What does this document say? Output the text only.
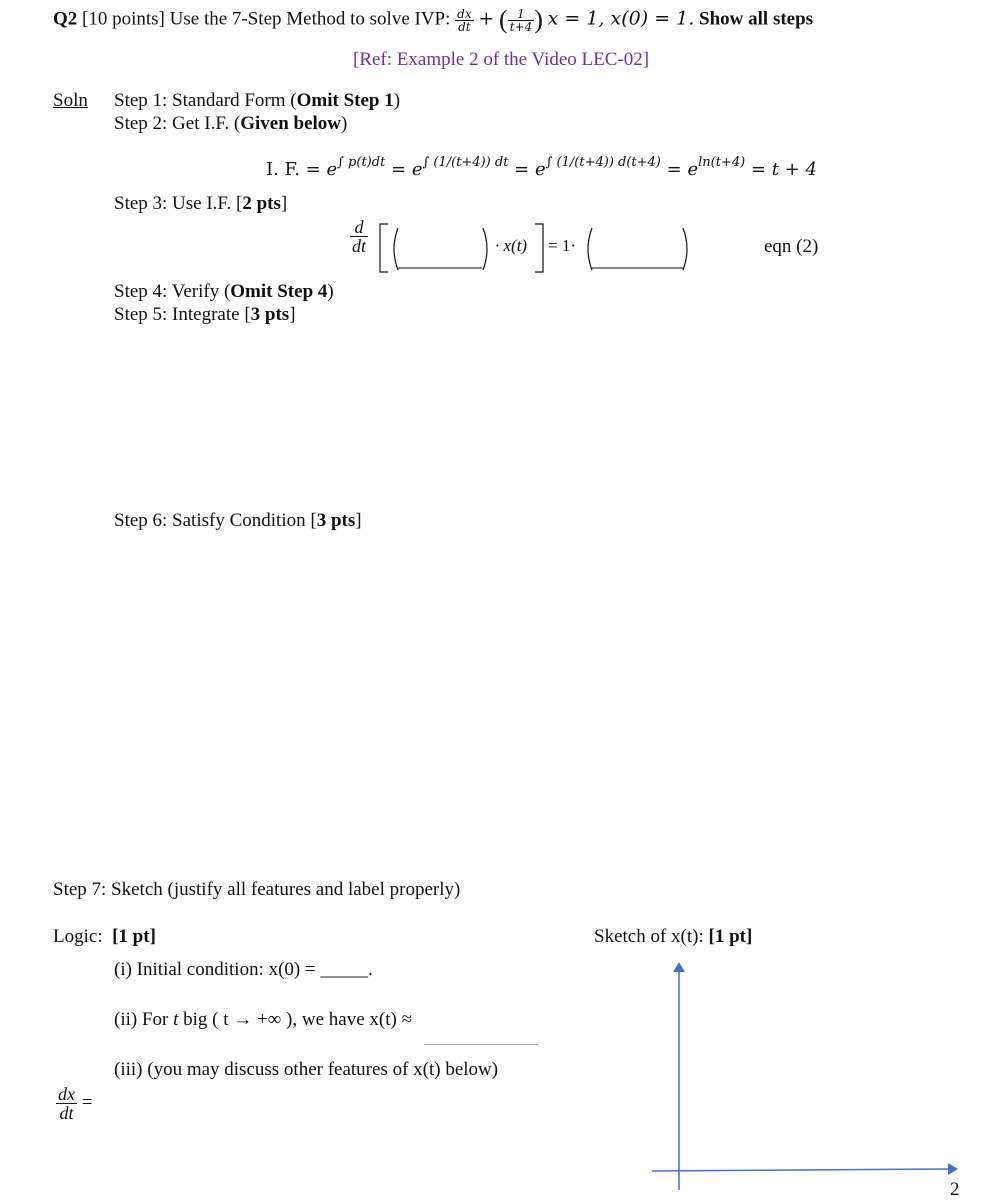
Q2 [10 points] Use the 7-Step Method to solve IVP: $\frac{dx}{dt}$ + ( $\frac{1}{t+4}$ ) x = 1, x(0) = 1. Show all steps
[Ref: Example 2 of the Video LEC-02]
Soln Step 1: Standard Form (Omit Step 1)
Step 2: Get I.F. (Given below)
I. F. = $e^{\int p(t)dt} = e^{\int (1/(t+4)) dt} = e^{\int (1/(t+4)) d(t+4)} = e^{ln(t+4)} = t + 4$
Step 3: Use I.F. [2 pts]
$\frac{d}{dt}$	· x(t) = 1·	eqn (2)
Step 4: Verify (Omit Step 4)
Step 5: Integrate [3 pts]
Step 6: Satisfy Condition [3 pts]
Step 7: Sketch (justify all features and label properly)
Logic: [1 pt]
(i) Initial condition: x(0) = _____.
(ii) For t big ( t → +∞ ), we have x(t) ≈
(iii) (you may discuss other features of x(t) below)
$\frac{dx}{dt}$ =
Sketch of x(t): [1 pt]
2
